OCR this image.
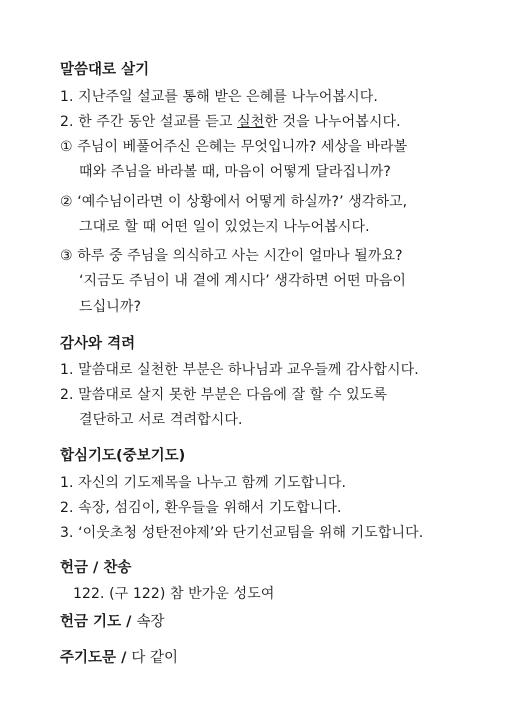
말씀대로 살기
1. 지난주일 설교를 통해 받은 은혜를 나누어봅시다.
2. 한 주간 동안 설교를 듣고 실천한 것을 나누어봅시다.
① 주님이 베풀어주신 은혜는 무엇입니까? 세상을 바라볼
때와 주님을 바라볼 때, 마음이 어떻게 달라집니까?
② ‘예수님이라면 이 상황에서 어떻게 하실까?’ 생각하고,
그대로 할 때 어떤 일이 있었는지 나누어봅시다.
③ 하루 중 주님을 의식하고 사는 시간이 얼마나 될까요?
‘지금도 주님이 내 곁에 계시다’ 생각하면 어떤 마음이
드십니까?
감사와 격려
1. 말씀대로 실천한 부분은 하나님과 교우들께 감사합시다.
2. 말씀대로 살지 못한 부분은 다음에 잘 할 수 있도록
결단하고 서로 격려합시다.
합심기도(중보기도)
1. 자신의 기도제목을 나누고 함께 기도합니다.
2. 속장, 섬김이, 환우들을 위해서 기도합니다.
3. ‘이웃초청 성탄전야제’와 단기선교팀을 위해 기도합니다.
헌금 / 찬송
122. (구 122) 참 반가운 성도여
헌금 기도 / 속장
주기도문 / 다 같이
